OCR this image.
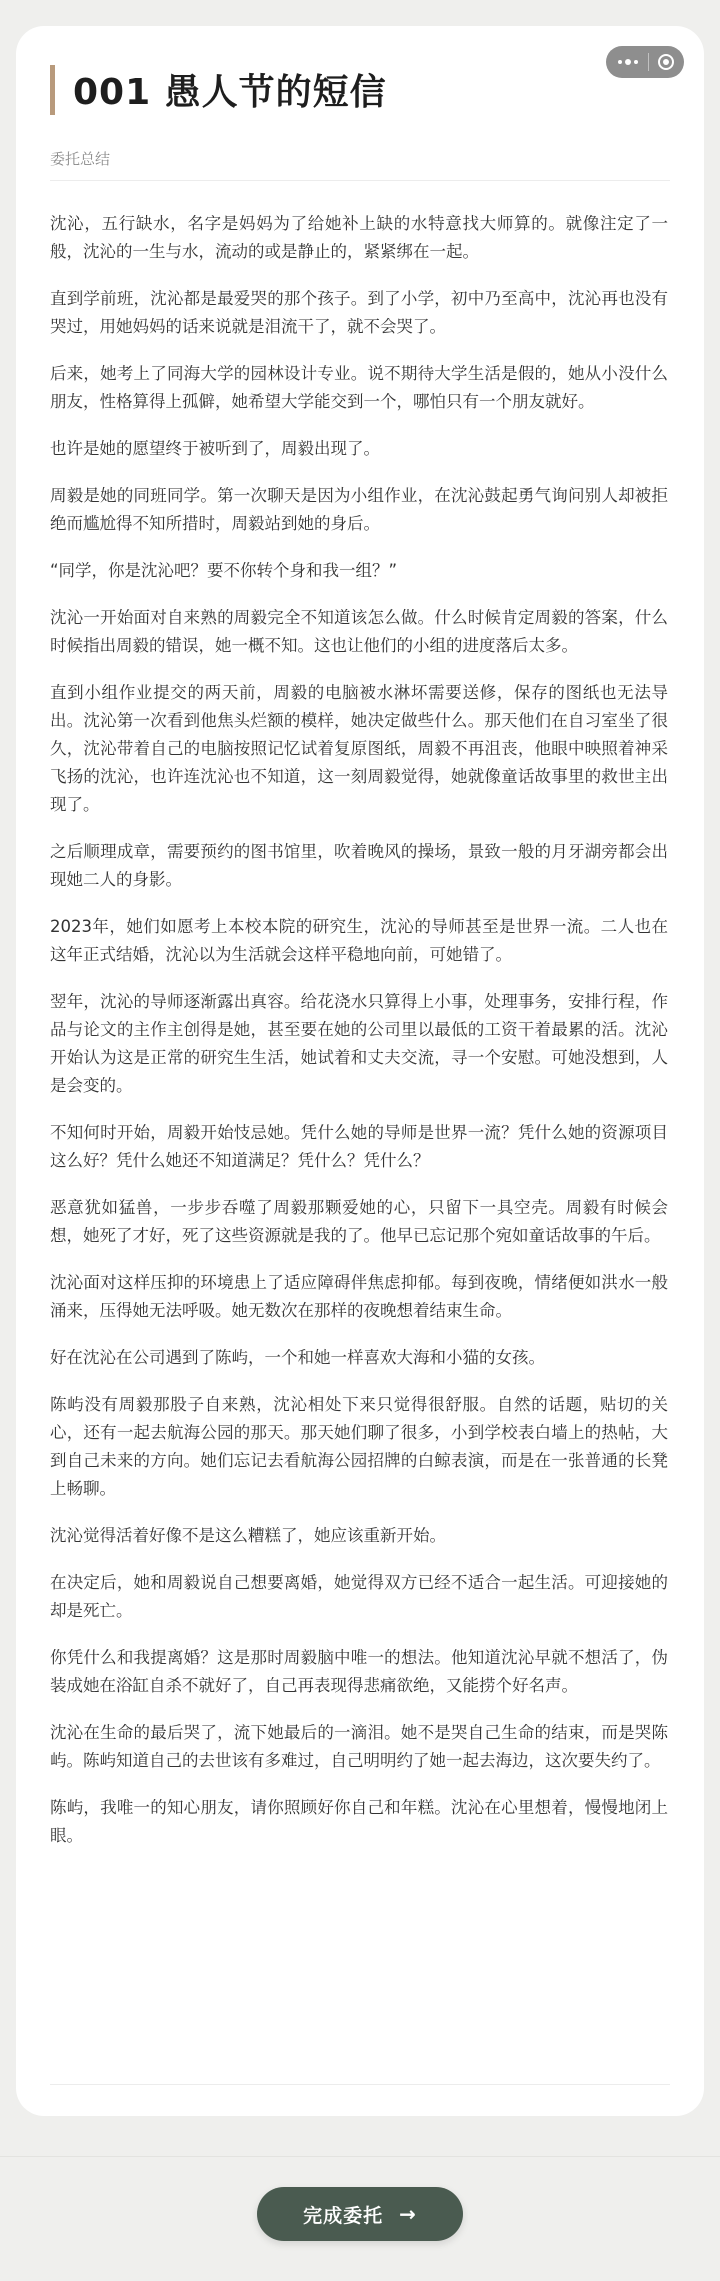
001 愚人节的短信
委托总结

沈沁，五行缺水，名字是妈妈为了给她补上缺的水特意找大师算的。就像注定了一般，沈沁的一生与水，流动的或是静止的，紧紧绑在一起。

直到学前班，沈沁都是最爱哭的那个孩子。到了小学，初中乃至高中，沈沁再也没有哭过，用她妈妈的话来说就是泪流干了，就不会哭了。

后来，她考上了同海大学的园林设计专业。说不期待大学生活是假的，她从小没什么朋友，性格算得上孤僻，她希望大学能交到一个，哪怕只有一个朋友就好。

也许是她的愿望终于被听到了，周毅出现了。

周毅是她的同班同学。第一次聊天是因为小组作业，在沈沁鼓起勇气询问别人却被拒绝而尴尬得不知所措时，周毅站到她的身后。

“同学，你是沈沁吧？要不你转个身和我一组？”

沈沁一开始面对自来熟的周毅完全不知道该怎么做。什么时候肯定周毅的答案，什么时候指出周毅的错误，她一概不知。这也让他们的小组的进度落后太多。

直到小组作业提交的两天前，周毅的电脑被水淋坏需要送修，保存的图纸也无法导出。沈沁第一次看到他焦头烂额的模样，她决定做些什么。那天他们在自习室坐了很久，沈沁带着自己的电脑按照记忆试着复原图纸，周毅不再沮丧，他眼中映照着神采飞扬的沈沁，也许连沈沁也不知道，这一刻周毅觉得，她就像童话故事里的救世主出现了。

之后顺理成章，需要预约的图书馆里，吹着晚风的操场，景致一般的月牙湖旁都会出现她二人的身影。

2023年，她们如愿考上本校本院的研究生，沈沁的导师甚至是世界一流。二人也在这年正式结婚，沈沁以为生活就会这样平稳地向前，可她错了。

翌年，沈沁的导师逐渐露出真容。给花浇水只算得上小事，处理事务，安排行程，作品与论文的主作主创得是她，甚至要在她的公司里以最低的工资干着最累的活。沈沁开始认为这是正常的研究生生活，她试着和丈夫交流，寻一个安慰。可她没想到，人是会变的。

不知何时开始，周毅开始忮忌她。凭什么她的导师是世界一流？凭什么她的资源项目这么好？凭什么她还不知道满足？凭什么？凭什么？

恶意犹如猛兽，一步步吞噬了周毅那颗爱她的心，只留下一具空壳。周毅有时候会想，她死了才好，死了这些资源就是我的了。他早已忘记那个宛如童话故事的午后。

沈沁面对这样压抑的环境患上了适应障碍伴焦虑抑郁。每到夜晚，情绪便如洪水一般涌来，压得她无法呼吸。她无数次在那样的夜晚想着结束生命。

好在沈沁在公司遇到了陈屿，一个和她一样喜欢大海和小猫的女孩。

陈屿没有周毅那股子自来熟，沈沁相处下来只觉得很舒服。自然的话题，贴切的关心，还有一起去航海公园的那天。那天她们聊了很多，小到学校表白墙上的热帖，大到自己未来的方向。她们忘记去看航海公园招牌的白鲸表演，而是在一张普通的长凳上畅聊。

沈沁觉得活着好像不是这么糟糕了，她应该重新开始。

在决定后，她和周毅说自己想要离婚，她觉得双方已经不适合一起生活。可迎接她的却是死亡。

你凭什么和我提离婚？这是那时周毅脑中唯一的想法。他知道沈沁早就不想活了，伪装成她在浴缸自杀不就好了，自己再表现得悲痛欲绝，又能捞个好名声。

沈沁在生命的最后哭了，流下她最后的一滴泪。她不是哭自己生命的结束，而是哭陈屿。陈屿知道自己的去世该有多难过，自己明明约了她一起去海边，这次要失约了。

陈屿，我唯一的知心朋友，请你照顾好你自己和年糕。沈沁在心里想着，慢慢地闭上眼。

完成委托 →
